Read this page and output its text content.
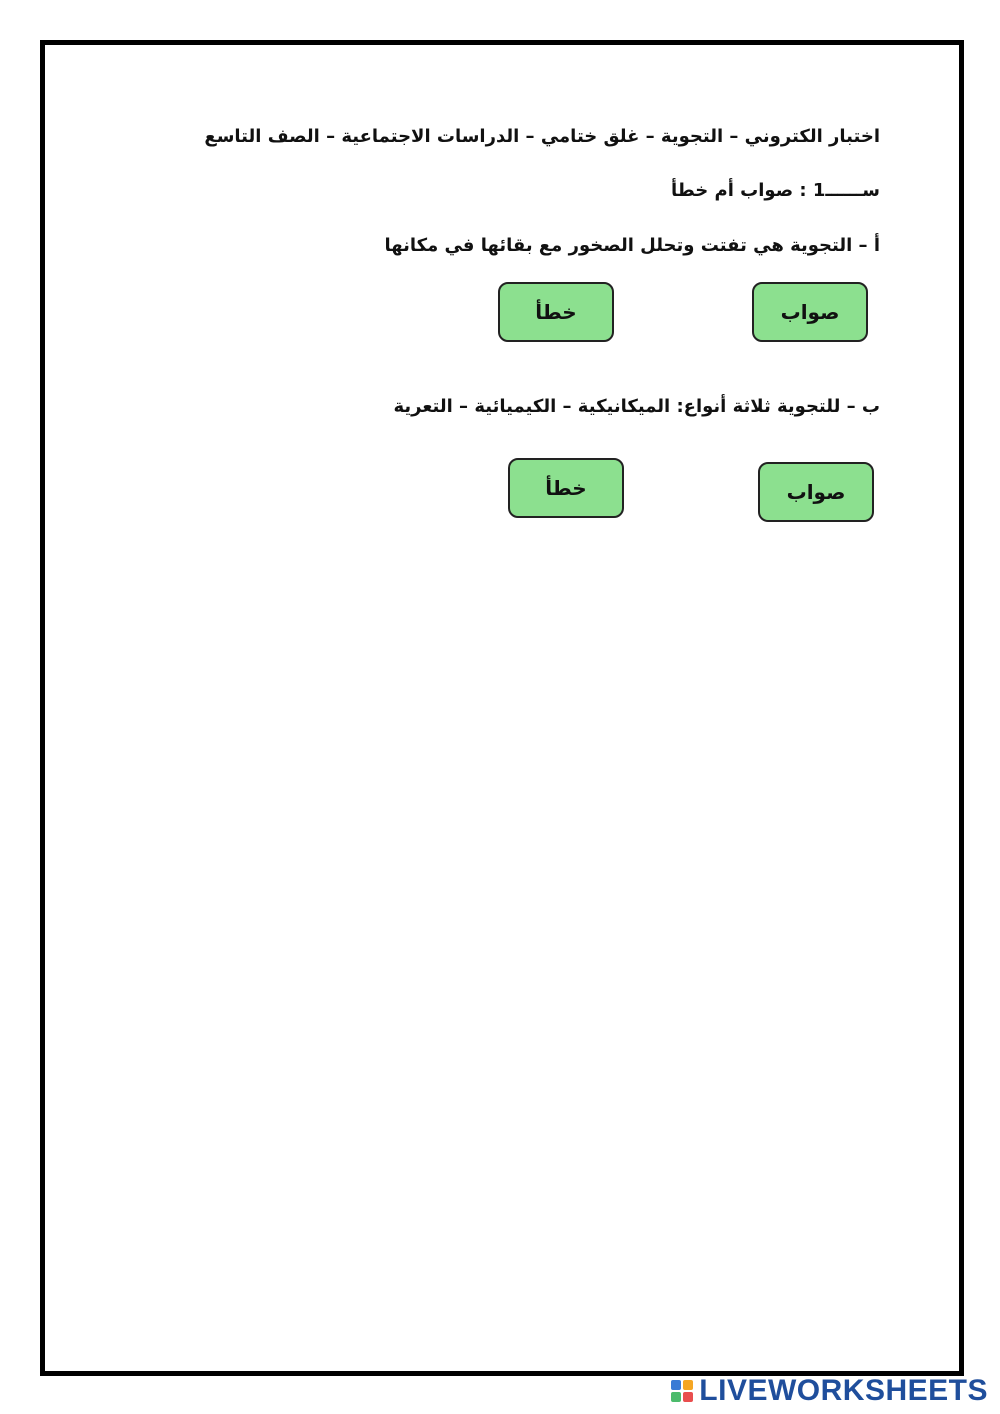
اختبار الكتروني – التجوية – غلق ختامي – الدراسات الاجتماعية – الصف التاسع
ســــــ1 : صواب أم خطأ
أ – التجوية هي تفتت وتحلل الصخور مع بقائها في مكانها
صواب
خطأ
ب – للتجوية ثلاثة أنواع: الميكانيكية – الكيميائية – التعرية
صواب
خطأ
LIVEWORKSHEETS
